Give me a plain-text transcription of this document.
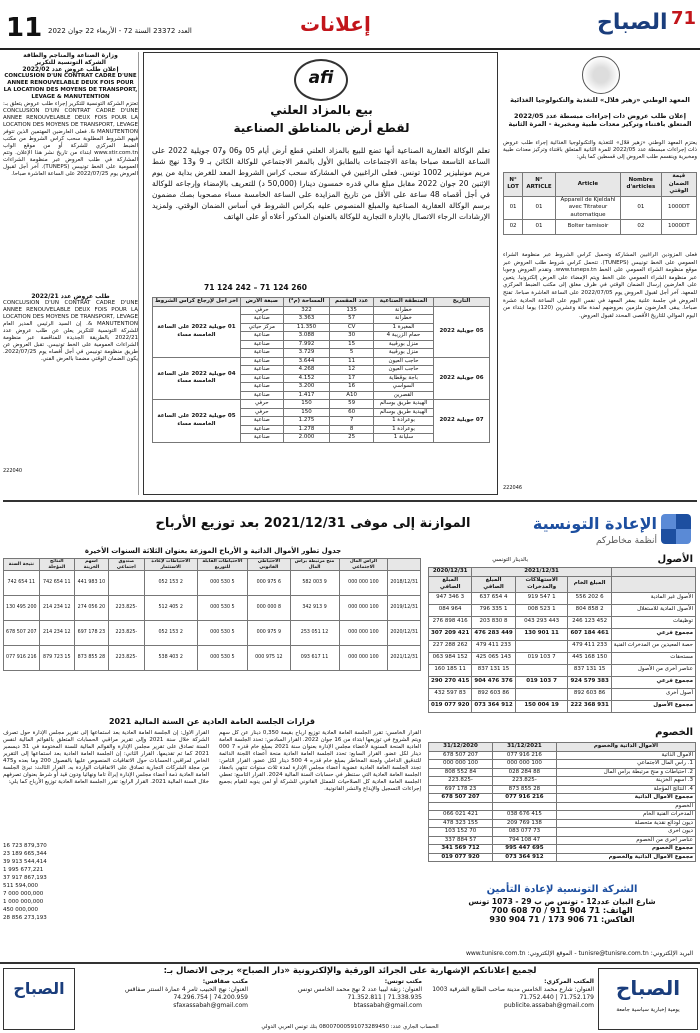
11 العدد 23372 السنة 72 - الأربعاء 22 جوان 2022	إعلانات	71
الصباح
وزارة الصناعة والمناجم والطاقة
الشركة التونسية للتكرير
إعلان طلب عروض عدد 2022/02
CONCLUSION D'UN CONTRAT CADRE D'UNE ANNEE RENOUVELABLE DEUX FOIS POUR LA LOCATION DES MOYENS DE TRANSPORT, LEVAGE & MANUTENTION
تعتزم الشركة التونسية للتكرير إجراء طلب عروض يتعلق بـ: CONCLUSION D'UN CONTRAT CADRE D'UNE ANNEE RENOUVELABLE DEUX FOIS POUR LA LOCATION DES MOYENS DE TRANSPORT, LEVAGE & MANUTENTION. فعلى العارضين المهتمين الذين تتوفر فيهم الشروط المطلوبة سحب كراس الشروط من مكتب الضبط المركزي للشركة أو من موقع الواب www.stir.com.tn ابتداء من تاريخ نشر هذا الإعلان. وتتم المشاركة في طلب العروض عبر منظومة الشراءات العمومية على الخط تونيبس (TUNEPS). آخر أجل لقبول العروض يوم 2022/07/25 على الساعة العاشرة صباحا.
طلب عروض عدد 2022/21
CONCLUSION D'UN CONTRAT CADRE D'UNE ANNEE RENOUVELABLE DEUX FOIS POUR LA LOCATION DES MOYENS DE TRANSPORT, LEVAGE & MANUTENTION. إن السيد الرئيس المدير العام للشركة التونسية للتكرير يعلن عن طلب عروض عدد 2022/21 بالطريقة الجديدة للمناقصة عبر منظومة الشراءات العمومية على الخط تونيبس. تقبل العروض عن طريق منظومة تونيبس في أجل أقصاه يوم 2022/07/25. يكون الضمان الوقتي مضمنا بالعرض الفني.
222040
afi
بيع بالمزاد العلني
لقطع أرض بالمناطق الصناعية
تعلم الوكالة العقارية الصناعية أنها تضع للبيع بالمزاد العلني قطع أرض أيام 05 و06 و07 جويلية 2022 على الساعة التاسعة صباحا بقاعة الاجتماعات بالطابق الأول بالمقر الاجتماعي للوكالة الكائن بـ 9 و13 نهج شط مريم مونبليزير 1002 تونس. فعلى الراغبين في المشاركة سحب كراس الشروط المعد للغرض بداية من يوم الإثنين 20 جوان 2022 مقابل مبلغ مالي قدره خمسون دينارا (50,000 د) للتعريف بالإمضاء وإرجاعه للوكالة في أجل أقصاه 48 ساعة على الأقل من تاريخ المزايدة على الساعة الخامسة مساء مصحوبا بصك مضمون برسم الوكالة العقارية الصناعية والمبلغ المنصوص عليه بكراس الشروط في أساس الضمان الوقتي. ولمزيد الإرشادات الرجاء الاتصال بالإدارة التجارية للوكالة بالعنوان المذكور أعلاه أو على الهاتف
71 124 242 – 71 124 260
التاريخ	المنطقة الصناعية	عدد المقسم	المساحة (م²)	صبغة الأرض	آخر أجل لإرجاع كراس الشروط
05 جويلية 2022	خطرانة	135	322	حرفي	01 جويلية 2022 على الساعة الخامسة مساء
	خطرانة	57	3.363	صناعية	
	المغيرة 1	CV	11.350	مركز حياتي	
	حمام الزريبة 4	30	3.088	صناعية	
	منزل بورقيبة	15	7.992	صناعية	
	منزل بورقيبة	5	3.729	صناعية	
06 جويلية 2022	حاجب العيون	11	3.644	صناعية	04 جويلية 2022 على الساعة الخامسة مساء
	حاجب العيون	12	4.268	صناعية	
	باجة بوقطاية	17	4.152	صناعية	
	السواسي	16	3.200	صناعية	
	القصرين	A10	1.417	صناعية	
07 جويلية 2022	الهيدية طريق بوسالم	59	150	حرفي	05 جويلية 2022 على الساعة الخامسة مساء
	الهيدية طريق بوسالم	60	150	حرفي	
	بوعرادة 1	7	1.275	صناعية	
	بوعرادة 1	8	1.278	صناعية	
	سليانة 1	25	2.000	صناعية	
المعهد الوطني «زهير قلال» للتغذية والتكنولوجيا الغذائية
إعلان طلب عروض ذات إجراءات مبسطة عدد 2022/05
المتعلق باقتناء وتركيز معدات طبية ومخبرية - المرة الثانية
يعتزم المعهد الوطني «زهير قلال» للتغذية والتكنولوجيا الغذائية إجراء طلب عروض ذات إجراءات مبسطة عدد 2022/05 للمرة الثانية المتعلق باقتناء وتركيز معدات طبية ومخبرية وينقسم طلب العروض إلى قسطين كما يلي:
N° LOT	N° ARTICLE	Article	Nombre d'articles	قيمة الضمان الوقتي
01	01	Appareil de Kjeldahl avec Titrateur automatique	01	1000DT
02	01	Bolter tamisoir	02	1000DT
فعلى المزودين الراغبين المشاركة وتحميل كراس الشروط عبر منظومة الشراء العمومي على الخط تونيبس (TUNEPS). تتحمل كراس شروط طلب العروض عبر موقع منظومة الشراء العمومي على الخط www.tuneps.tn. وتقدم العروض وجوبا عبر منظومة الشراء العمومي على الخط ويتم الإمضاء على العرض إلكترونيا. يتعين على العارضين إرسال الضمان الوقتي في ظرف مغلق إلى مكتب الضبط المركزي للمعهد. آخر أجل لقبول العروض يوم 2022/07/05 على الساعة العاشرة صباحا. تفتح العروض في جلسة علنية بمقر المعهد في نفس اليوم على الساعة الحادية عشرة صباحا. يبقى العارضون ملزمين بعروضهم لمدة مائة وعشرين (120) يوما ابتداء من اليوم الموالي للتاريخ الأقصى المحدد لقبول العروض.
222046
الإعادة التونسية
أنظمة مخاطركم
الموازنة إلى موفى 2021/12/31 بعد توزيع الأرباح
جدول تطور الأموال الذاتية و الأرباح الموزعة بعنوان الثلاثة السنوات الأخيرة
	الرأس المال الاجتماعي	منح مرتبطة برأس المال	الاحتياطي القانوني	الاحتياطات القابلة للتوزيع	الاحتياطات لإعادة الاستثمار	صندوق اجتماعي	أسهم الخزينة	النتائج المؤجلة	نتيجة السنة
2018/12/31	100 000 000	9 003 582	6 975 000	5 530 000	2 153 052		10 983 441	11 654 742	11 654 742
2019/12/31	100 000 000	9 913 342	8 000 000	5 530 000	2 405 512	-223.825	20 056 274	12 234 214	200 495 130
2020/12/31	100 000 000	12 051 253	9 975 000	5 530 000	2 153 052	-223.825	23 178 697	12 234 214	207 507 678
2021/12/31	100 000 000	11 617 093	12 975 000	5 530 000	2 403 538	-223.825	28 855 873	15 723 879	216 916 077
قرارات الجلسة العامة العادية عن السنة المالية 2021
القرار الخامس: تقرر الجلسة العامة العادية توزيع أرباح بقيمة 0,350 دينار عن كل سهم ويتم الشروع في توزيعها ابتداء من 16 جوان 2022. القرار السادس: تحدد الجلسة العامة العادية المنحة السنوية لأعضاء مجلس الإدارة بعنوان سنة 2021 بمبلغ خام قدره 7 000 دينار لكل عضو. القرار السابع: تحدد الجلسة العامة العادية منحة أعضاء اللجنة الدائمة للتدقيق الداخلي ولجنة المخاطر بمبلغ خام قدره 4 500 دينار لكل عضو. القرار الثامن: تجدد الجلسة العامة العادية عضوية أعضاء مجلس الإدارة لمدة ثلاث سنوات تنتهي بانعقاد الجلسة العامة العادية التي ستنظر في حسابات السنة المالية 2024. القرار التاسع: تعطي الجلسة العامة العادية كل الصلاحيات للممثل القانوني للشركة أو لمن ينوبه للقيام بجميع إجراءات التسجيل والإيداع والنشر القانونية.
القرار الأول: إن الجلسة العامة العادية بعد استماعها إلى تقرير مجلس الإدارة حول تصرف الشركة خلال سنة 2021 وإلى تقرير مراقبي الحسابات المتعلق بالقوائم المالية لنفس السنة تصادق على تقرير مجلس الإدارة والقوائم المالية للسنة المختومة في 31 ديسمبر 2021 كما تم تقديمها. القرار الثاني: إن الجلسة العامة العادية بعد استماعها إلى التقرير الخاص لمراقبي الحسابات حول الاتفاقيات المنصوص عليها بالفصول 200 وما بعده و475 من مجلة الشركات التجارية تصادق على الاتفاقيات الواردة به. القرار الثالث: تبرئ الجلسة العامة العادية ذمة أعضاء مجلس الإدارة إبراءً تاما ونهائيا ودون قيد أو شرط بعنوان تصرفهم خلال السنة المالية 2021. القرار الرابع: تقرر الجلسة العامة العادية توزيع الأرباح كما يلي:
16 723 879,370
23 189 665,344
39 913 544,414
1 995 677,221
37 917 867,193
511 594,000
7 000 000,000
1 000 000,000
450 000,000
28 856 273,193
الأصول
بالدينار التونسي
	2021/12/31			2020/12/31
	المبلغ الخام	الاستهلاكات والمدخرات	المبلغ الصافي	المبلغ الصافي
الأصول غير المادية	6 202 556	1 547 919	4 654 637	3 346 947
الأصول المادية للاستغلال	2 858 804	1 523 008	1 335 796	964 084
توظيفات	452 123 246	443 293 043	8 830 203	416 898 276
مجموع فرعي	461 184 607	11 901 130	449 283 476	421 209 307
حصة المعيدين من المدخرات الفنية	233 411 479		233 411 479	262 288 227
مستحقات	150 168 445	7 103 019	143 065 425	152 984 063
عناصر أخرى من الأصول	15 131 837		15 131 837	11 185 160
مجموع فرعي	383 579 924	7 103 019	376 476 904	415 270 290
أصول أخرى	86 603 892		86 603 892	83 597 432
مجموع الأصول	931 368 222	19 004 150	912 364 073	920 077 019
الخصوم
الأموال الذاتية والخصوم	31/12/2021	31/12/2020
الأموال الذاتية	216 916 077	207 507 678
1. رأس المال الاجتماعي	100 000 000	100 000 000
2. احتياطات و منح مرتبطة برأس المال	88 284 028	84 552 808
3. أسهم الخزينة	-223.825	-223.825
4. النتائج المؤجلة	28 855 873	23 178 697
مجموع الأموال الذاتية	216 916 077	207 507 678
الخصوم		
المدخرات الفنية الخام	415 676 038	421 021 066
ديون لودائع نقدية متحصلة	138 769 209	155 323 478
ديون أخرى	73 077 083	70 152 103
عناصر أخرى من الخصوم	47 108 794	57 884 337
مجموع الخصوم	695 447 995	712 569 341
مجموع الأموال الذاتية والخصوم	912 364 073	920 077 019
الشركة التونسية لإعادة التأمين
شارع البيان عدد12 - تونس ص ب 29 - 1073 تونس
الهاتف: 71 904 911 / 70 608 700
الفاكس: 71 906 173 / 71 904 930
البريد الإلكتروني: tunisre@tunisre.com.tn - الموقع الإلكتروني: www.tunisre.com.tn
لجميع إعلاناتكم الإشهارية على الجرائد الورقية والإلكترونية «دار الصباح» يرجى الاتصال بـ:
الصباح	الصباح
يومية إخبارية سياسية جامعة
مكتب صفاقس:
العنوان: نهج الحبيب ثامر 4 عمارة السنتر صفاقس
74.200.959 | 74.296.754
sfaxassabah@gmail.com
مكتب تونس:
العنوان: زنقة ليبيا عدد 2 نهج محمد الخامس تونس
71.338.935 | 71.352.811
btassabah@gmail.com
المكتب المركزي:
العنوان: شارع محمد الخامس مدينة صاحب الطابع الشرقية 1003
71.752.179 | 71.752.440
publicite.assabah@gmail.com
الحساب الجاري عدد: 08007000591073289450 بنك تونس العربي الدولي
